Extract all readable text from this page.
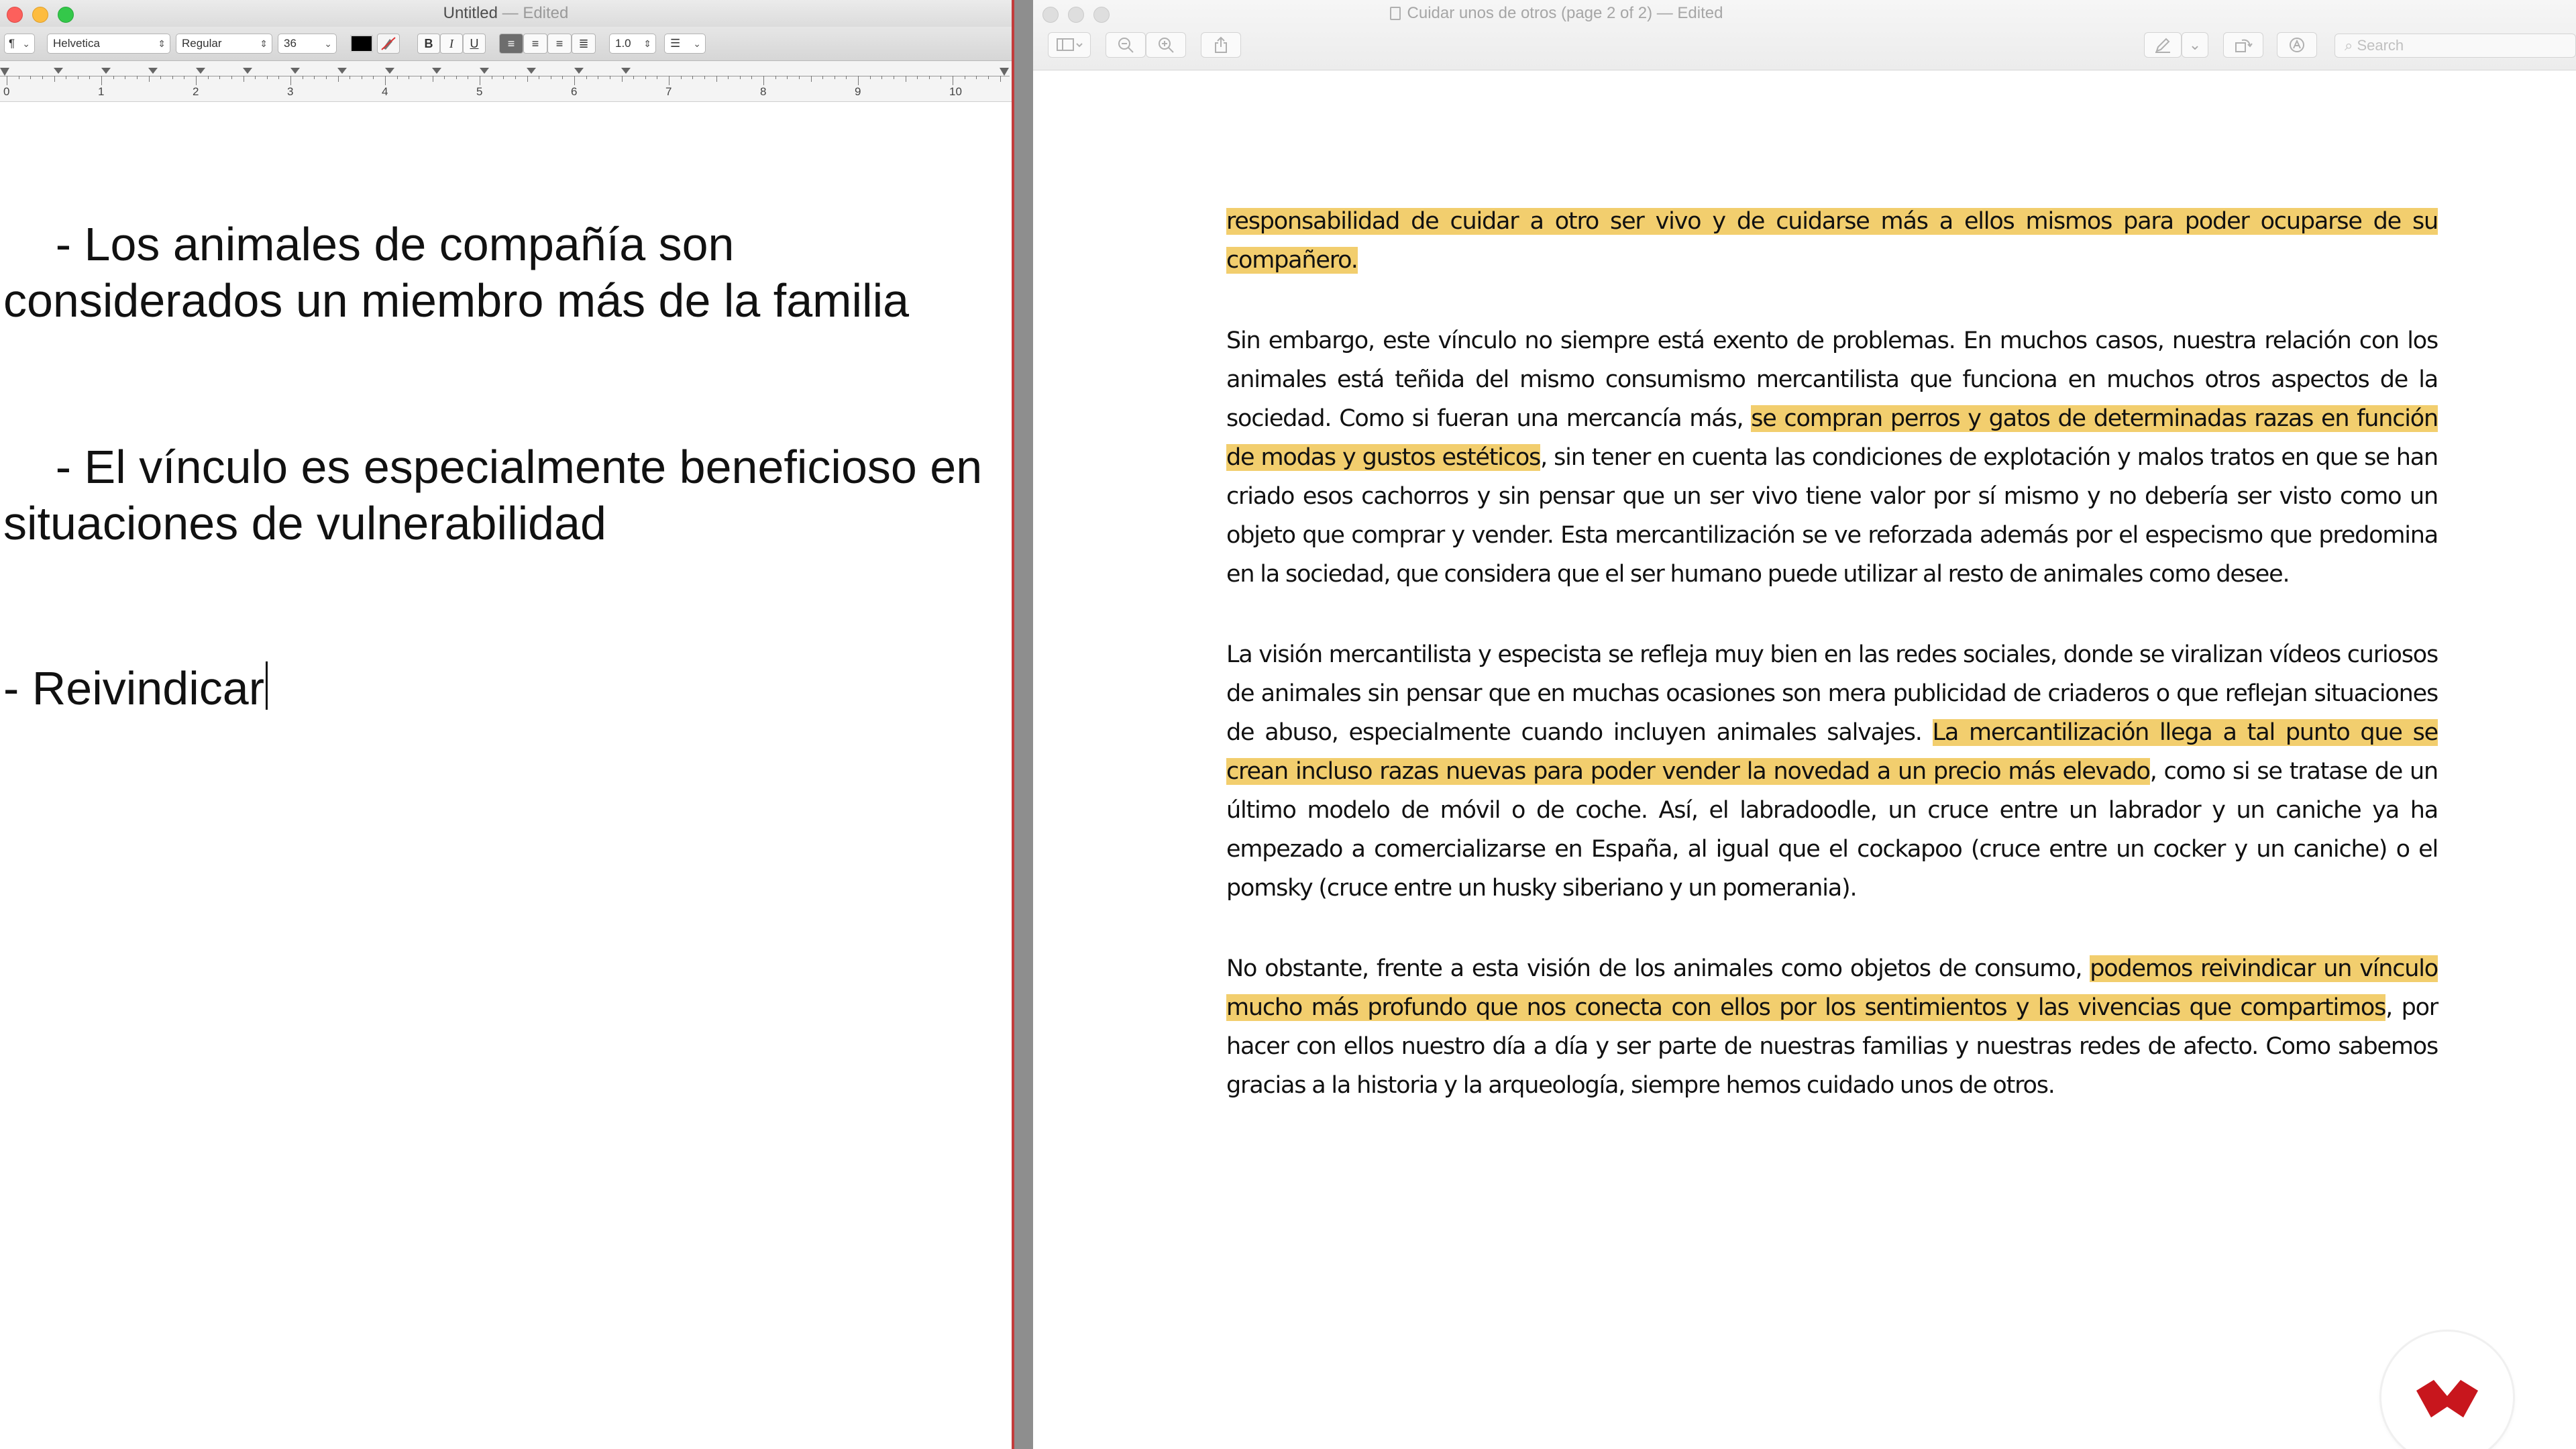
Untitled — Edited
¶ ⌄	Helvetica	⇕	Regular	⇕	36	⌄	B	I	U	≡	≡	≡	≣	1.0 ⇕	☰ ⌄
0	1	2	3	4	5	6	7	8	9	10
- Los animales de compañía son
considerados un miembro más de la familia
- El vínculo es especialmente beneficioso en
situaciones de vulnerabilidad
- Reivindicar
Cuidar unos de otros (page 2 of 2) — Edited
⌄	⌕ Search

responsabilidad de cuidar a otro ser vivo y de cuidarse más a ellos mismos para poder ocuparse de su compañero.

Sin embargo, este vínculo no siempre está exento de problemas. En muchos casos, nuestra relación con los animales está teñida del mismo consumismo mercantilista que funciona en muchos otros aspectos de la sociedad. Como si fueran una mercancía más, se compran perros y gatos de determinadas razas en función de modas y gustos estéticos, sin tener en cuenta las condiciones de explotación y malos tratos en que se han criado esos cachorros y sin pensar que un ser vivo tiene valor por sí mismo y no debería ser visto como un objeto que comprar y vender. Esta mercantilización se ve reforzada además por el especismo que predomina en la sociedad, que considera que el ser humano puede utilizar al resto de animales como desee.

La visión mercantilista y especista se refleja muy bien en las redes sociales, donde se viralizan vídeos curiosos de animales sin pensar que en muchas ocasiones son mera publicidad de criaderos o que reflejan situaciones de abuso, especialmente cuando incluyen animales salvajes. La mercantilización llega a tal punto que se crean incluso razas nuevas para poder vender la novedad a un precio más elevado, como si se tratase de un último modelo de móvil o de coche. Así, el labradoodle, un cruce entre un labrador y un caniche ya ha empezado a comercializarse en España, al igual que el cockapoo (cruce entre un cocker y un caniche) o el pomsky (cruce entre un husky siberiano y un pomerania).

No obstante, frente a esta visión de los animales como objetos de consumo, podemos reivindicar un vínculo mucho más profundo que nos conecta con ellos por los sentimientos y las vivencias que compartimos, por hacer con ellos nuestro día a día y ser parte de nuestras familias y nuestras redes de afecto. Como sabemos gracias a la historia y la arqueología, siempre hemos cuidado unos de otros.
